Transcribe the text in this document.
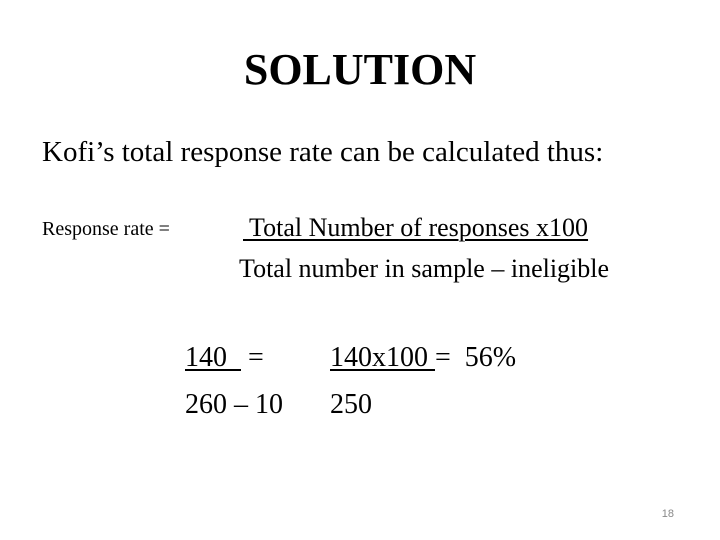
SOLUTION
Kofi’s total response rate can be calculated thus:
Response rate =	Total Number of responses x100
Total number in sample – ineligible
140   =
260 – 10
140x100 =  56%
250
18
